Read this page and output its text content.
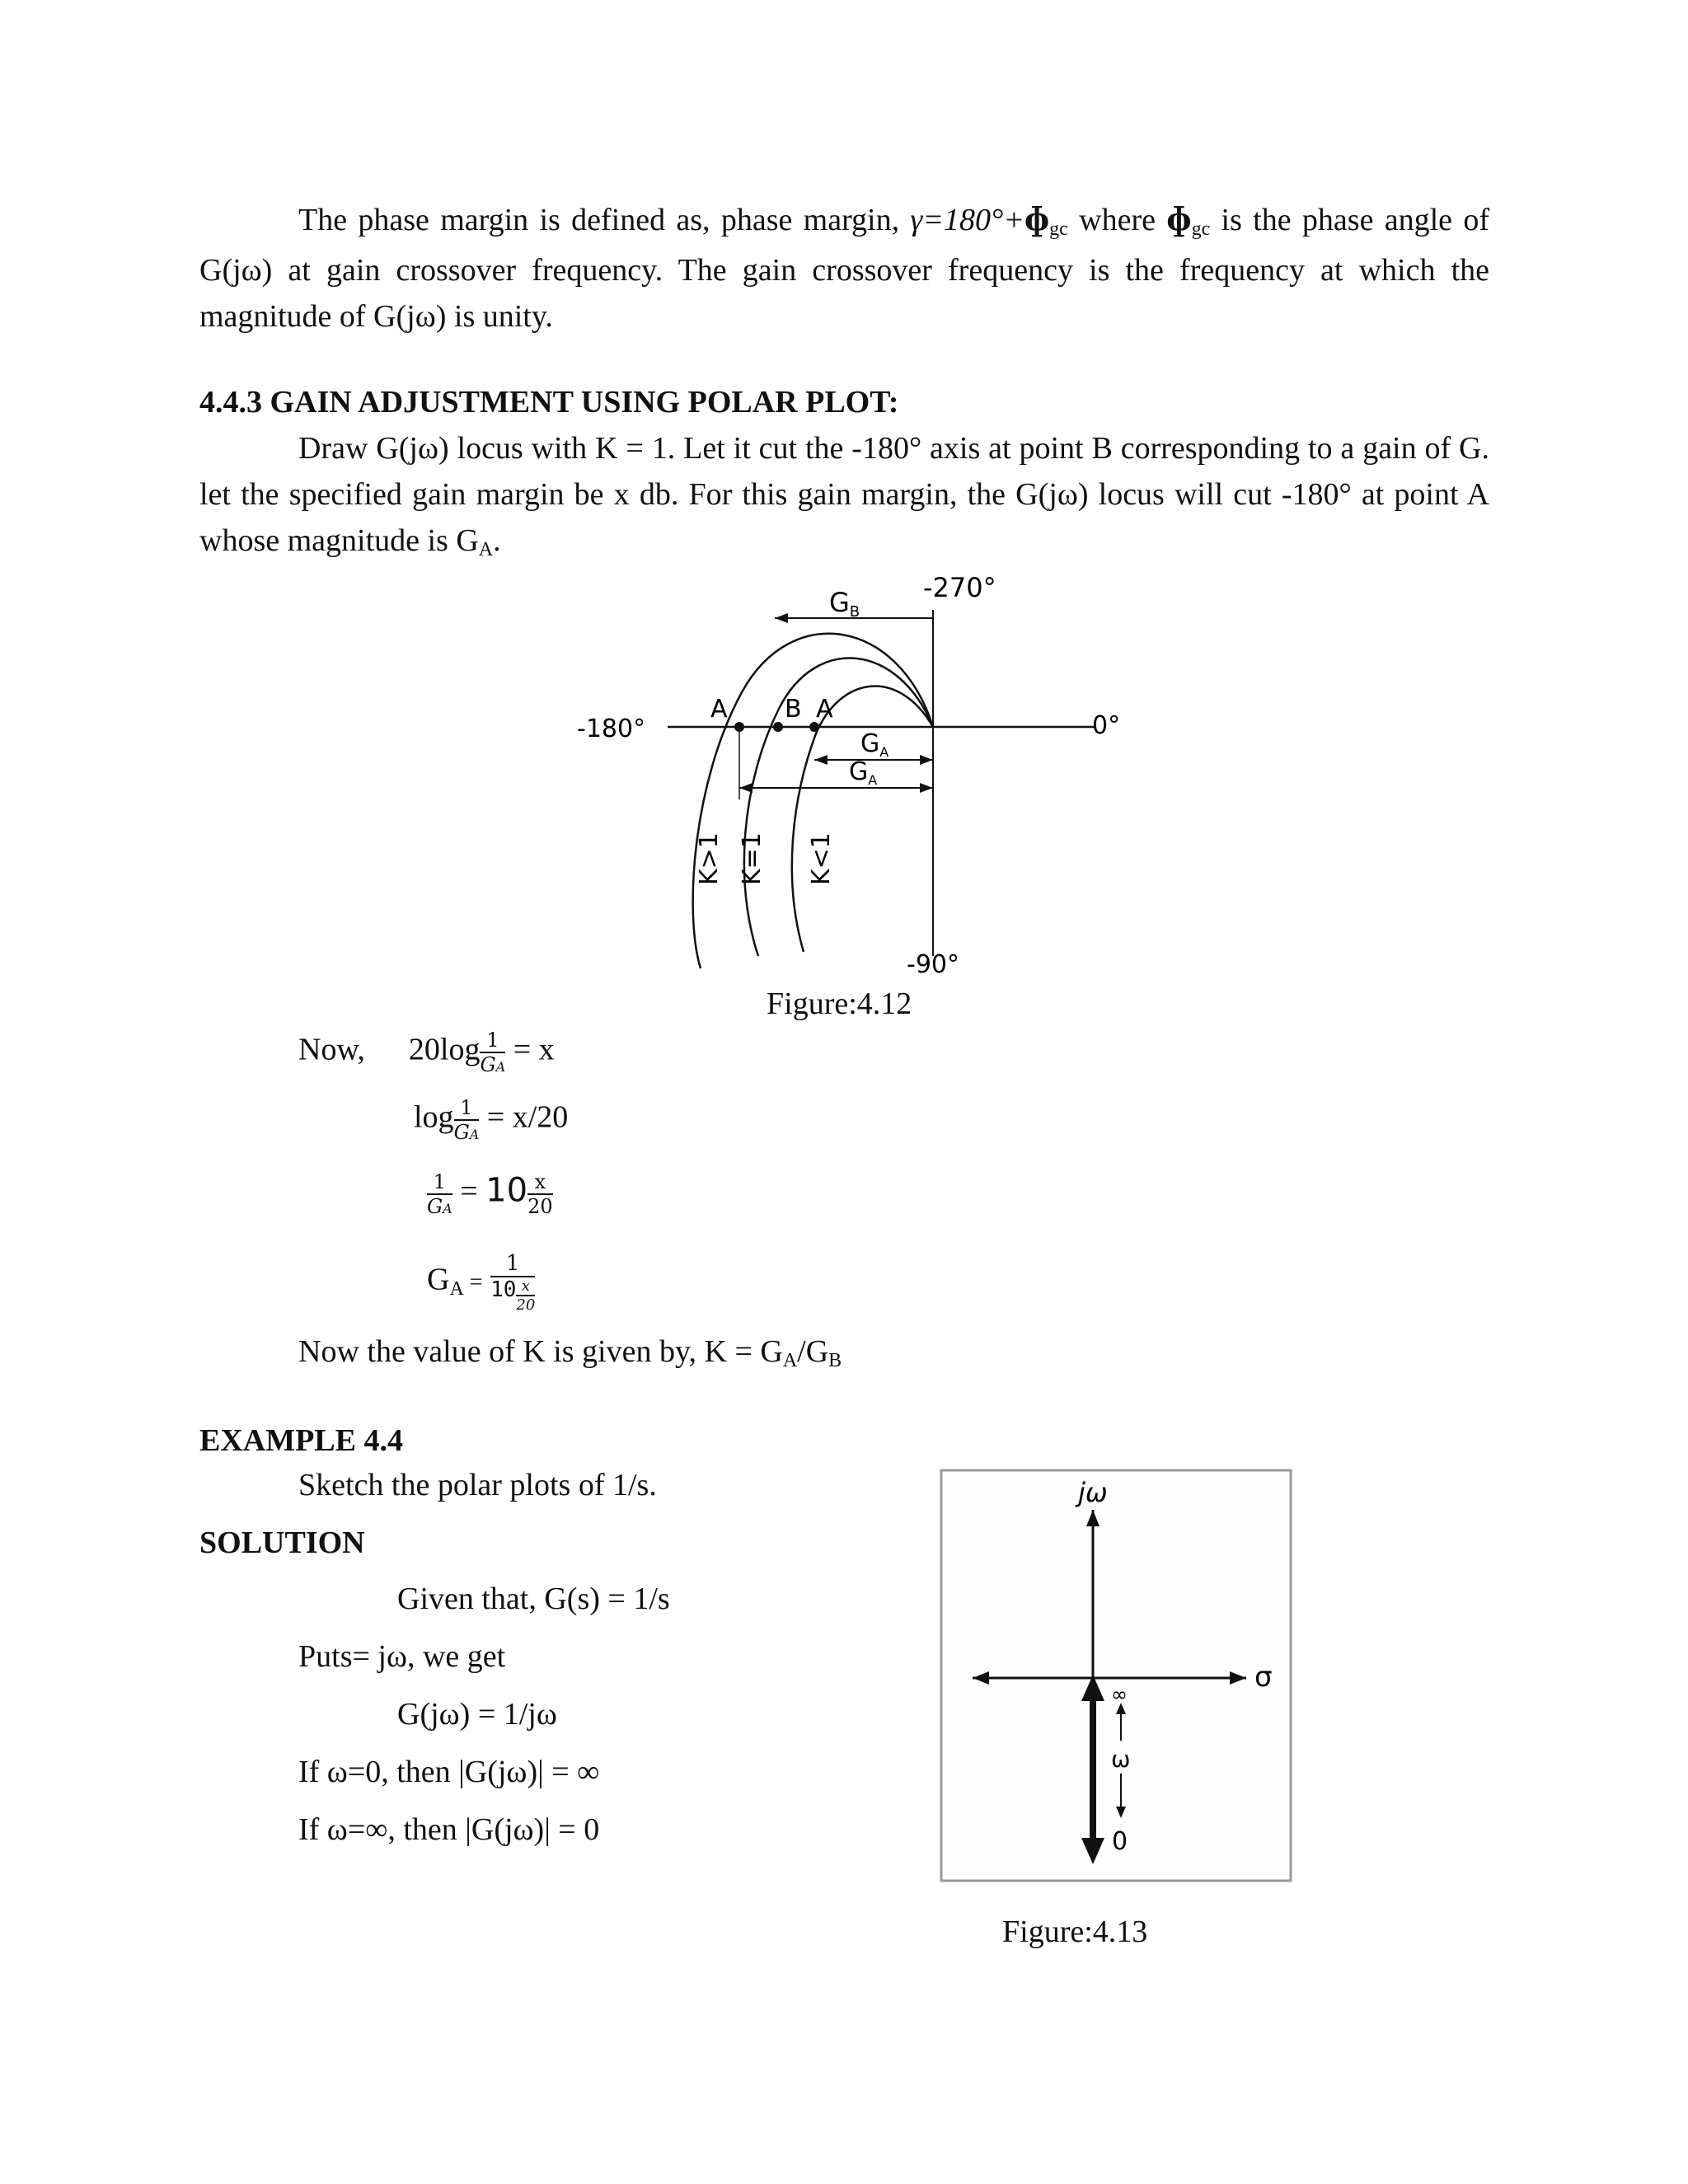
The phase margin is defined as, phase margin, γ=180°+ɸgc where ɸgc is the phase angle of G(jω) at gain crossover frequency. The gain crossover frequency is the frequency at which the magnitude of G(jω) is unity.
4.4.3 GAIN ADJUSTMENT USING POLAR PLOT:
Draw G(jω) locus with K = 1. Let it cut the -180° axis at point B corresponding to a gain of G. let the specified gain margin be x db. For this gain margin, the G(jω) locus will cut -180° at point A whose magnitude is GA.
-270°
-180°	0°
-90°
A B A
GB
$G_A$
$G_A$
K>1 K=1 K<1
Figure:4.12
Now, $20\log \frac{1}{GA} = x$
$\log \frac{1}{GA} = x/20$
$\frac{1}{GA} = 10 \frac{x}{20}$
GA = $\frac{1}{10 \frac{x}{20}}$
Now the value of K is given by, K = GA/GB
EXAMPLE 4.4
Sketch the polar plots of 1/s.
SOLUTION
Given that, G(s) = 1/s
Puts= jω, we get
G(jω) = 1/jω
If ω=0, then |G(jω)| = ∞
If ω=∞, then |G(jω)| = 0
jω
σ
∞
ω
0
Figure:4.13
